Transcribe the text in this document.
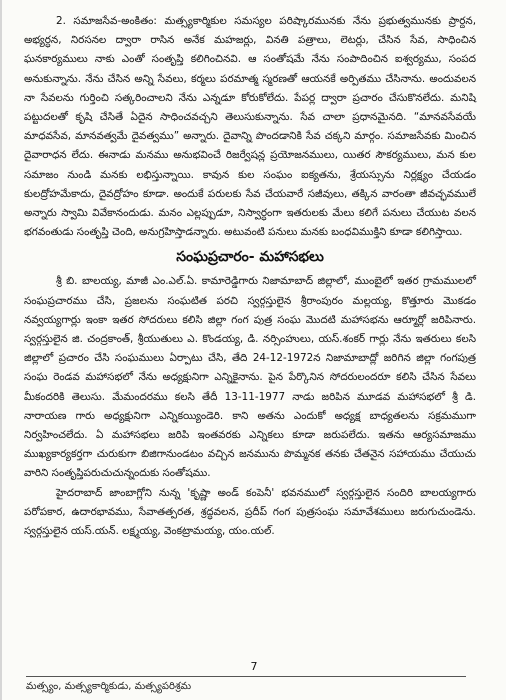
2. సమాజసేవ-అంకితం: మత్స్యకార్మికుల సమస్యల పరిష్కారమునకు నేను ప్రభుత్వమునకు ప్రార్దన, అభ్యర్ధన, నిరసనల ద్వారా రాసిన అనేక మహజర్లు, వినతి పత్రాలు, లెటర్లు, చేసిన సేవ, సాధించిన ఘనకార్యములు నాకు ఎంతో సంతృప్తి కలిగించినవి. ఆ సంతోషమే నేను సంపాదించిన ఐశ్వర్యము, సంపద అనుకున్నాను. నేను చేసిన అన్ని సేవలు, కర్మలు పరమాత్మ స్మరణతో ఆయనకే అర్పితము చేసినాను. అందువలన నా సేవలను గుర్తించి సత్కరించాలని నేను ఎన్నడూ కోరుకోలేదు. పేపర్ల ద్వారా ప్రచారం చేసుకొనలేదు. మనిషి పట్టుదలతో కృషి చేసితే ఏదైన సాధించవచ్చని తెలుసుకున్నాను. సేవ చాలా ప్రధానమైనది. “మానవసేవయే మాధవసేవ, మానవత్వమే దైవత్వము” అన్నారు. దైవాన్ని పొందడానికి సేవ చక్కని మార్గం. సమాజసేవకు మించిన దైవారాధన లేదు. ఈనాడు మనము అనుభవించే రిజర్వేషన్ల ప్రయోజనములు, యితర సౌకర్యములు, మన కుల సమాజం నుండి మనకు లభిస్తున్నాయి. కావున కుల సంఘం ఐక్యతను, శ్రేయస్సును నిర్లక్ష్యం చేయడం కులద్రోహమేకాదు, దైవద్రోహం కూడా. అందుకే పరులకు సేవ చేయవారే సజీవులు, తక్కిన వారంతా జీవచ్ఛవములే అన్నారు స్వామి వివేకానందుడు. మనం ఎల్లప్పుడూ, నిస్వార్ధంగా ఇతరులకు మేలు కలిగే పనులు చేయుట వలన భగవంతుడు సంతృప్తి చెంది, అనుగ్రహిస్తాడన్నారు. అటువంటి పనులు మనకు బంధవిముక్తిని కూడా కలిగిస్తాయి.

సంఘప్రచారం- మహాసభలు

శ్రీ బి. బాలయ్య, మాజీ ఎం.ఎల్.ఏ. కామారెడ్డిగారు నిజామాబాద్ జిల్లాలో, ముంబైలో ఇతర గ్రామములలో సంఘప్రచారము చేసి, ప్రజలను సంఘటిత పరచి స్వర్గస్తులైన శ్రీరాంపురం మల్లయ్య, కొత్తూరు మొకడం నవ్వయ్యగార్లు ఇంకా ఇతర సోదరులు కలిసి జిల్లా గంగ పుత్ర సంఘ మొదటి మహాసభను ఆర్మూర్లో జరిపినారు. స్వర్గస్తులైన జి. చంద్రకాంత్, శ్రీయుతులు ఎ. కొండయ్య, డి. నర్సింహులు, యస్.శంకర్ గార్లు నేను ఇతరులు కలసి జిల్లాలో ప్రచారం చేసి సంఘములు ఏర్పాటు చేసి, తేది 24-12-1972న నిజామాబాద్లో జరిగిన జిల్లా గంగపుత్ర సంఘ రెండవ మహాసభలో నేను అధ్యక్షునిగా ఎన్నికైనాను. పైన పేర్కొనిన సోదరులందరూ కలిసి చేసిన సేవలు మీకందరికి తెలుసు. మేమందరము కలసి తేదీ 13-11-1977 నాడు జరిపిన మూడవ మహాసభలో శ్రీ డి. నారాయణ గారు అధ్యక్షునిగా ఎన్నికయ్యిండెరి. కాని అతను ఎందుకో అధ్యక్ష బాధ్యతలను సక్రమముగా నిర్వహించలేదు. ఏ మహాసభలు జరిపి ఇంతవరకు ఎన్నికలు కూడా జరుపలేదు. ఇతను ఆర్యసమాజము ముఖ్యకార్యకర్తగా చురుకుగా బిజిగానుండటం వచ్చిన జనమును పొమ్మనక తనకు చేతనైన సహాయము చేయుచు వారిని సంతృప్తిపరుచుచున్నందుకు సంతోషము.

హైదరాబాద్ జాంబాగ్లోని నున్న 'కృష్ణా అండ్ కంపెనీ' భవనములో స్వర్గస్తులైన సందిరి బాలయ్యగారు పరోపకార, ఉదారభావము, సేవాతత్పరత, శ్రద్ధవలన, ప్రదీప్ గంగ పుత్రసంఘ సమావేశములు జరుగుచుండెను. స్వర్గస్తులైన యస్.యన్. లక్ష్మయ్య, వెంకట్రామయ్య, యం.యల్.

7
మత్స్యం, మత్స్యకార్మికుడు, మత్స్యపరిశ్రమ
